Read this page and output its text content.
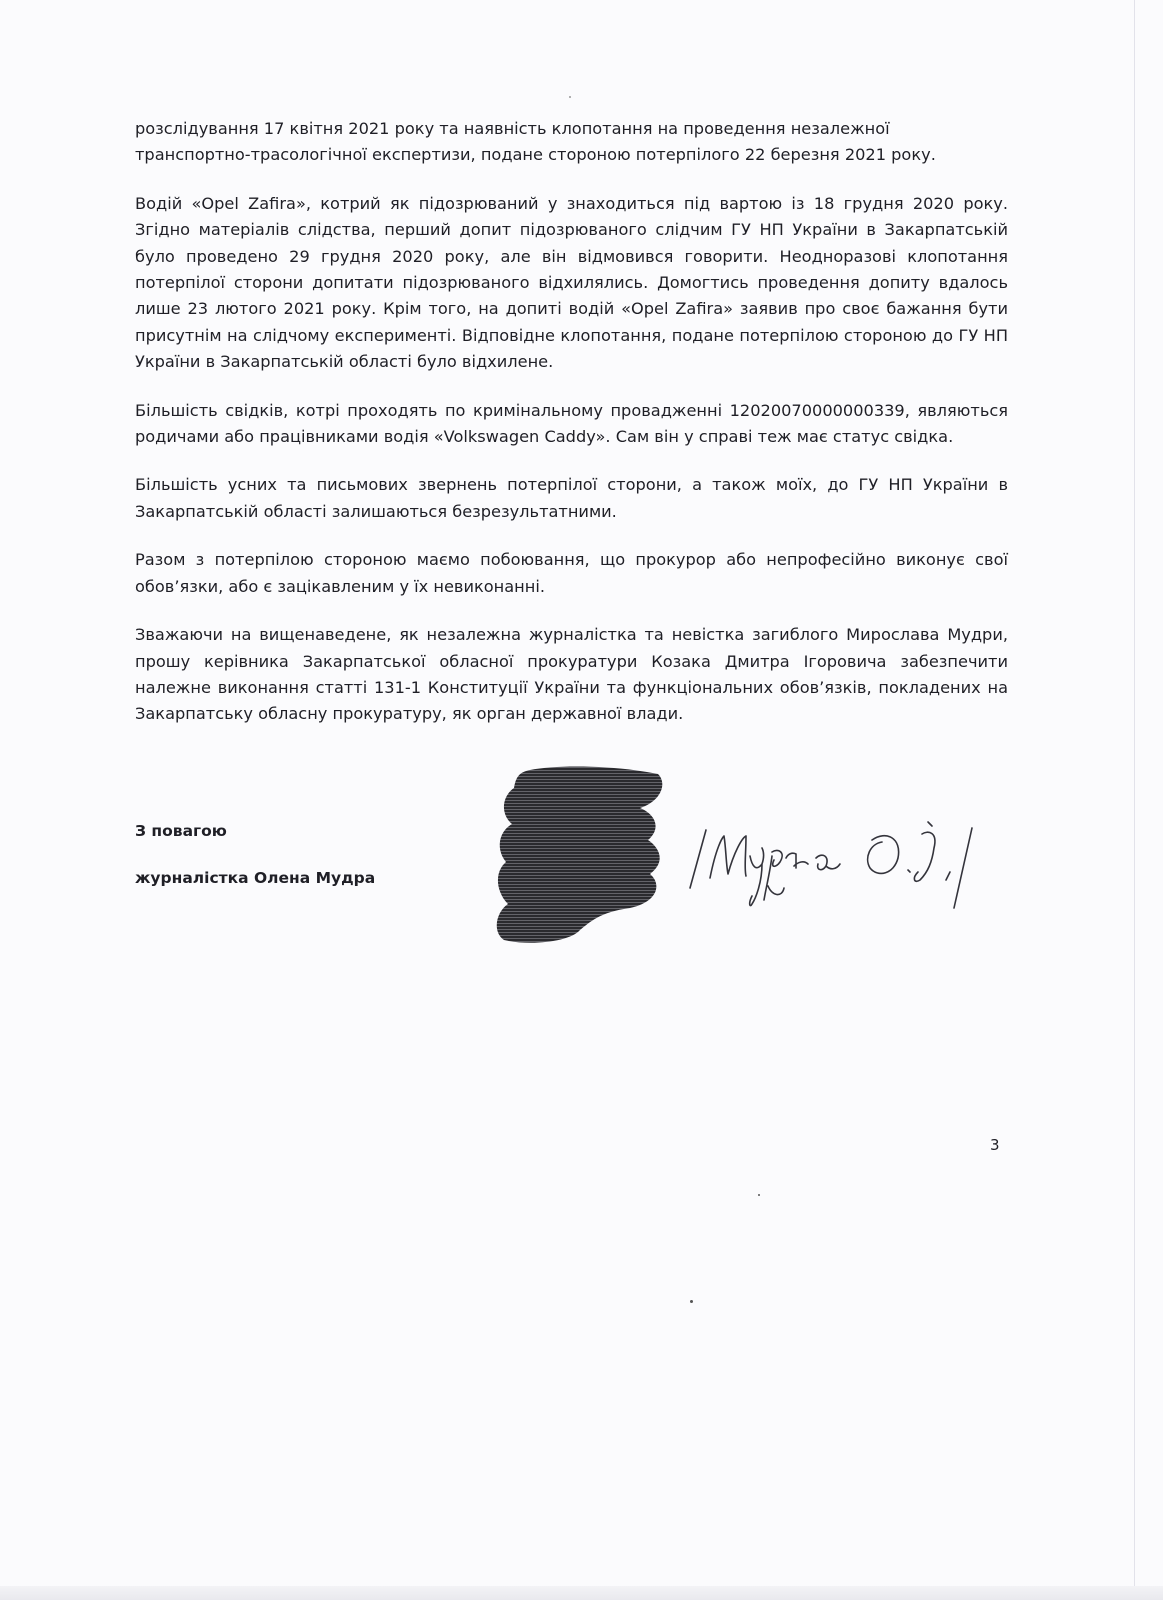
розслідування 17 квітня 2021 року та наявність клопотання на проведення незалежної транспортно-трасологічної експертизи, подане стороною потерпілого 22 березня 2021 року.

Водій «Opel Zafira», котрий як підозрюваний у знаходиться під вартою із 18 грудня 2020 року. Згідно матеріалів слідства, перший допит підозрюваного слідчим ГУ НП України в Закарпатській було проведено 29 грудня 2020 року, але він відмовився говорити. Неодноразові клопотання потерпілої сторони допитати підозрюваного відхилялись. Домогтись проведення допиту вдалось лише 23 лютого 2021 року. Крім того, на допиті водій «Opel Zafira» заявив про своє бажання бути присутнім на слідчому експерименті. Відповідне клопотання, подане потерпілою стороною до ГУ НП України в Закарпатській області було відхилене.

Більшість свідків, котрі проходять по кримінальному провадженні 12020070000000339, являються родичами або працівниками водія «Volkswagen Caddy». Сам він у справі теж має статус свідка.

Більшість усних та письмових звернень потерпілої сторони, а також моїх, до ГУ НП України в Закарпатській області залишаються безрезультатними.

Разом з потерпілою стороною маємо побоювання, що прокурор або непрофесійно виконує свої обов’язки, або є зацікавленим у їх невиконанні.

Зважаючи на вищенаведене, як незалежна журналістка та невістка загиблого Мирослава Мудри, прошу керівника Закарпатської обласної прокуратури Козака Дмитра Ігоровича забезпечити належне виконання статті 131-1 Конституції України та функціональних обов’язків, покладених на Закарпатську обласну прокуратуру, як орган державної влади.

З повагою
журналістка Олена Мудра
3
